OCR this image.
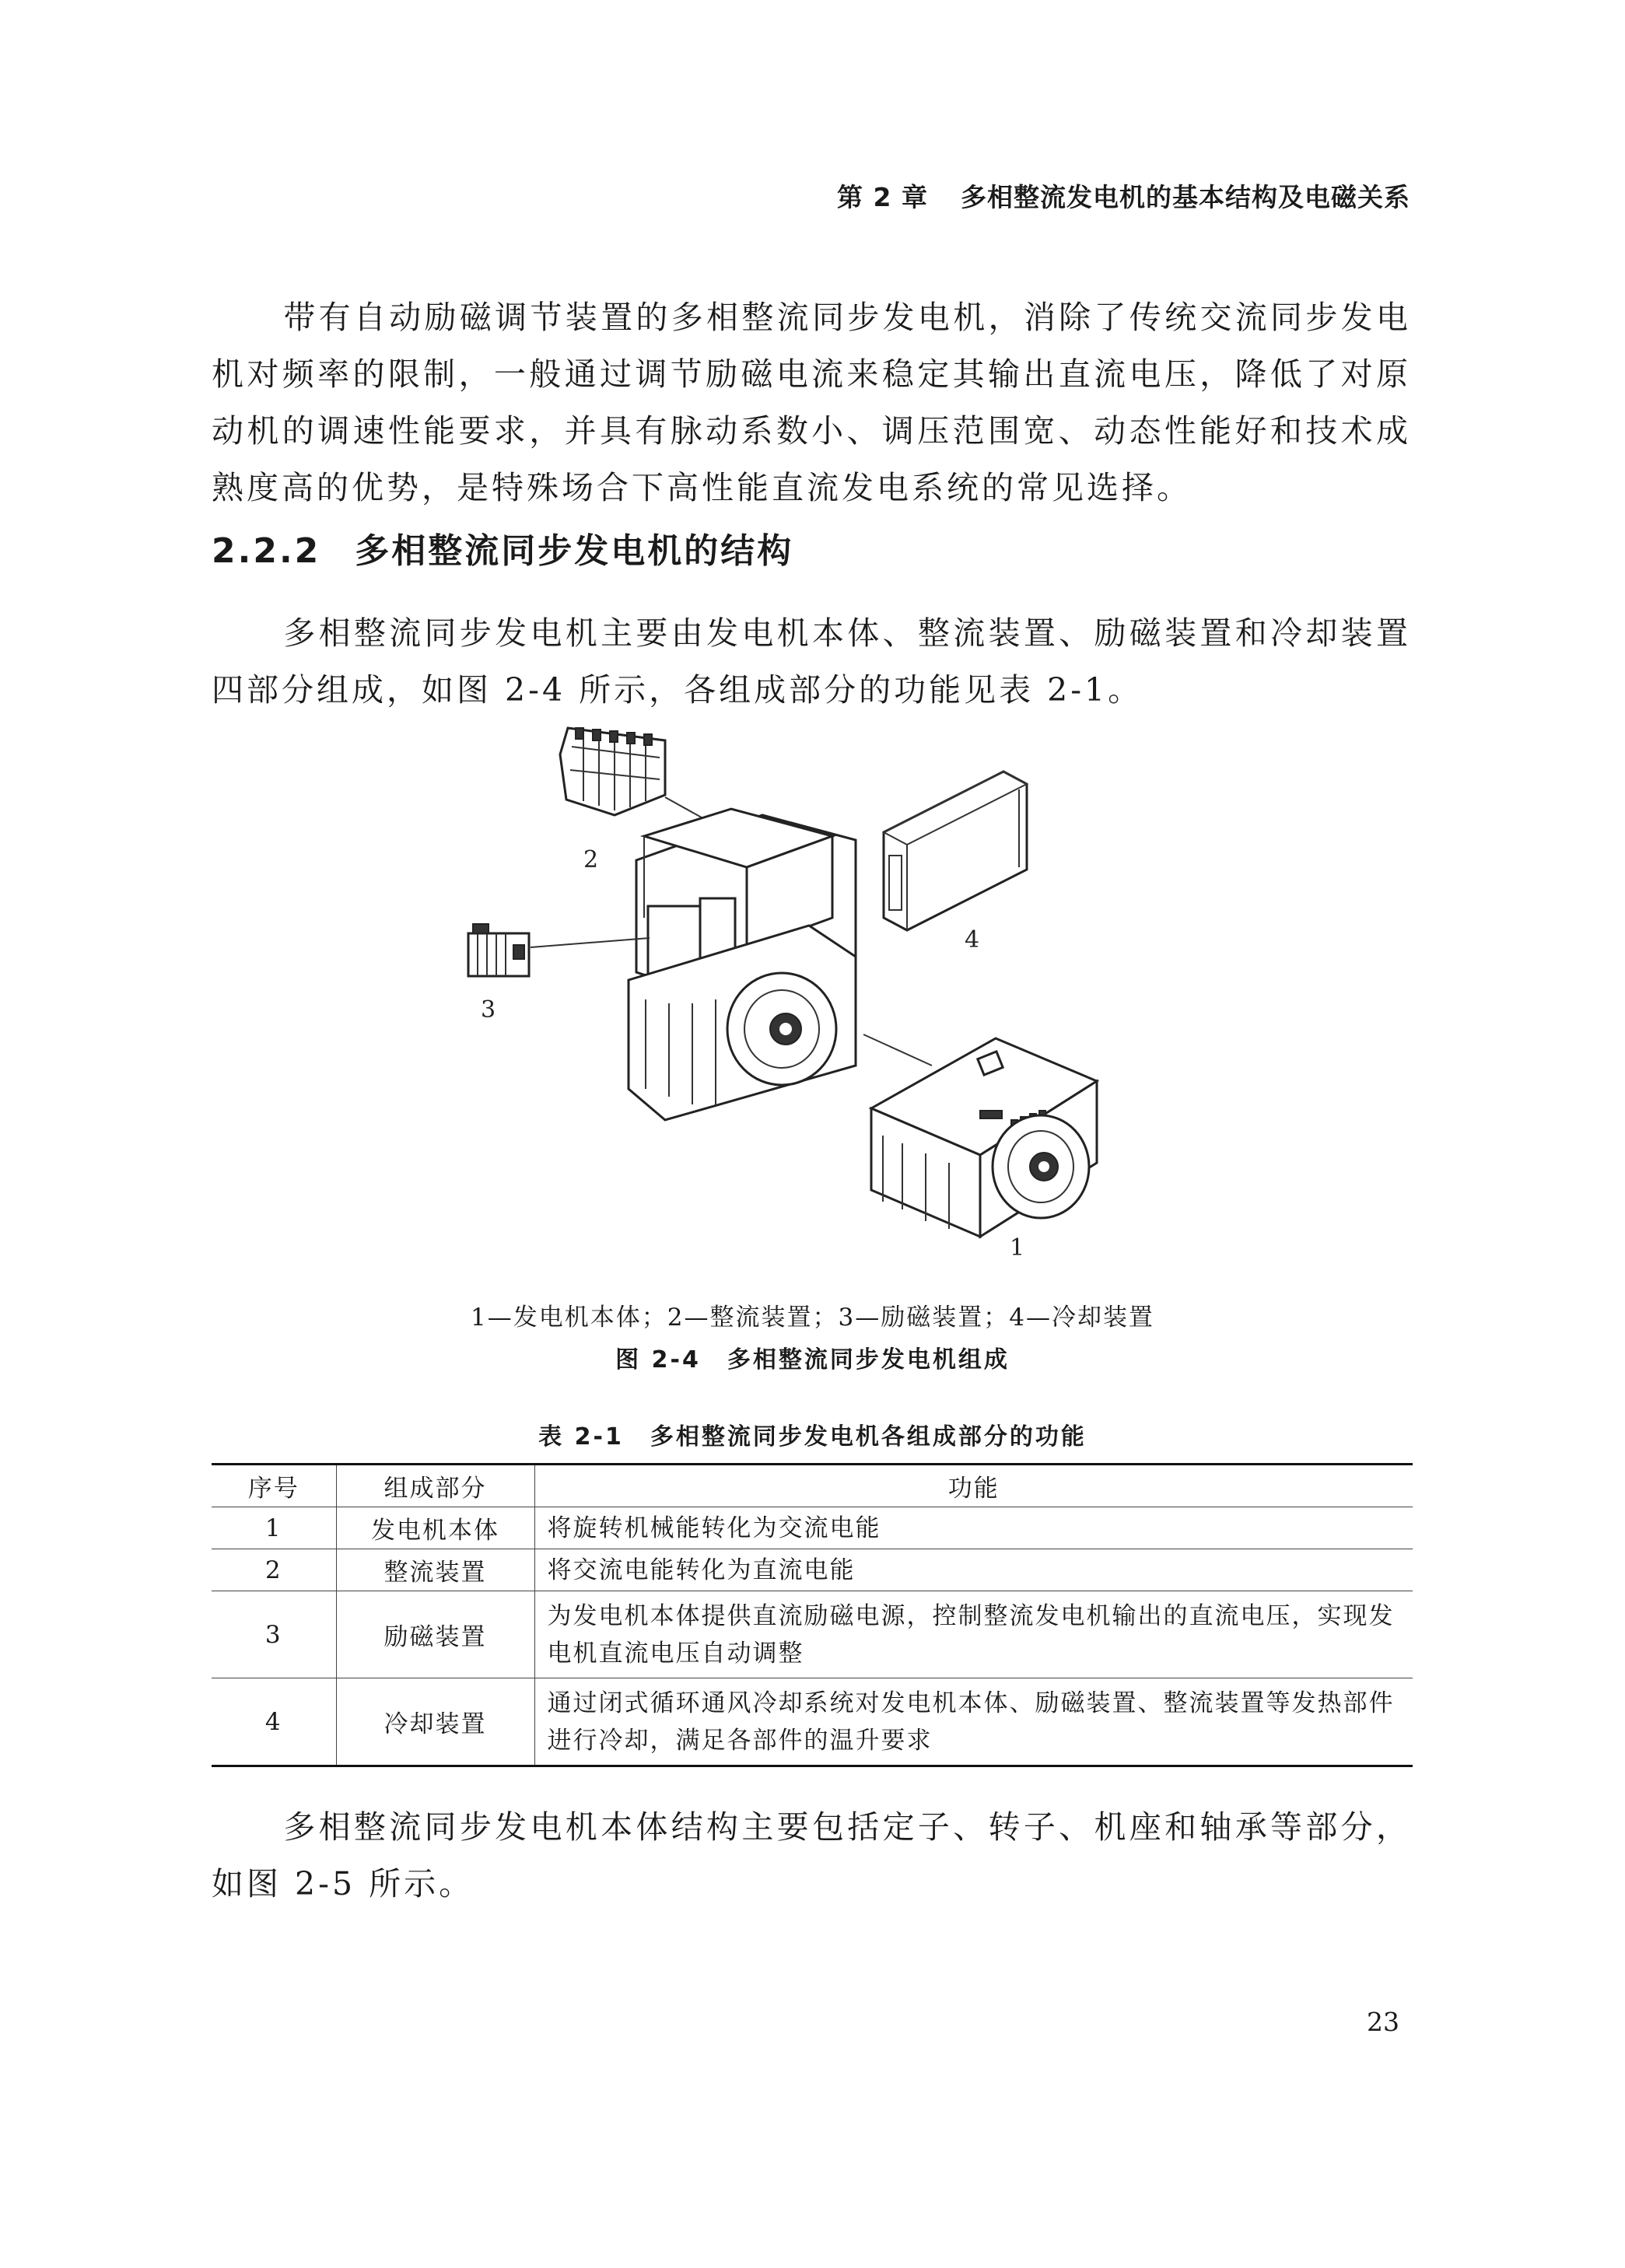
第 2 章 多相整流发电机的基本结构及电磁关系
带有自动励磁调节装置的多相整流同步发电机，消除了传统交流同步发电机对频率的限制，一般通过调节励磁电流来稳定其输出直流电压，降低了对原动机的调速性能要求，并具有脉动系数小、调压范围宽、动态性能好和技术成熟度高的优势，是特殊场合下高性能直流发电系统的常见选择。
2.2.2 多相整流同步发电机的结构
多相整流同步发电机主要由发电机本体、整流装置、励磁装置和冷却装置四部分组成，如图 2-4 所示，各组成部分的功能见表 2-1。
2
3
4
1
1—发电机本体；2—整流装置；3—励磁装置；4—冷却装置
图 2-4 多相整流同步发电机组成
表 2-1 多相整流同步发电机各组成部分的功能
序号	组成部分	功能
1	发电机本体	将旋转机械能转化为交流电能
2	整流装置	将交流电能转化为直流电能
3	励磁装置	为发电机本体提供直流励磁电源，控制整流发电机输出的直流电压，实现发电机直流电压自动调整
4	冷却装置	通过闭式循环通风冷却系统对发电机本体、励磁装置、整流装置等发热部件进行冷却，满足各部件的温升要求
多相整流同步发电机本体结构主要包括定子、转子、机座和轴承等部分，如图 2-5 所示。
23
